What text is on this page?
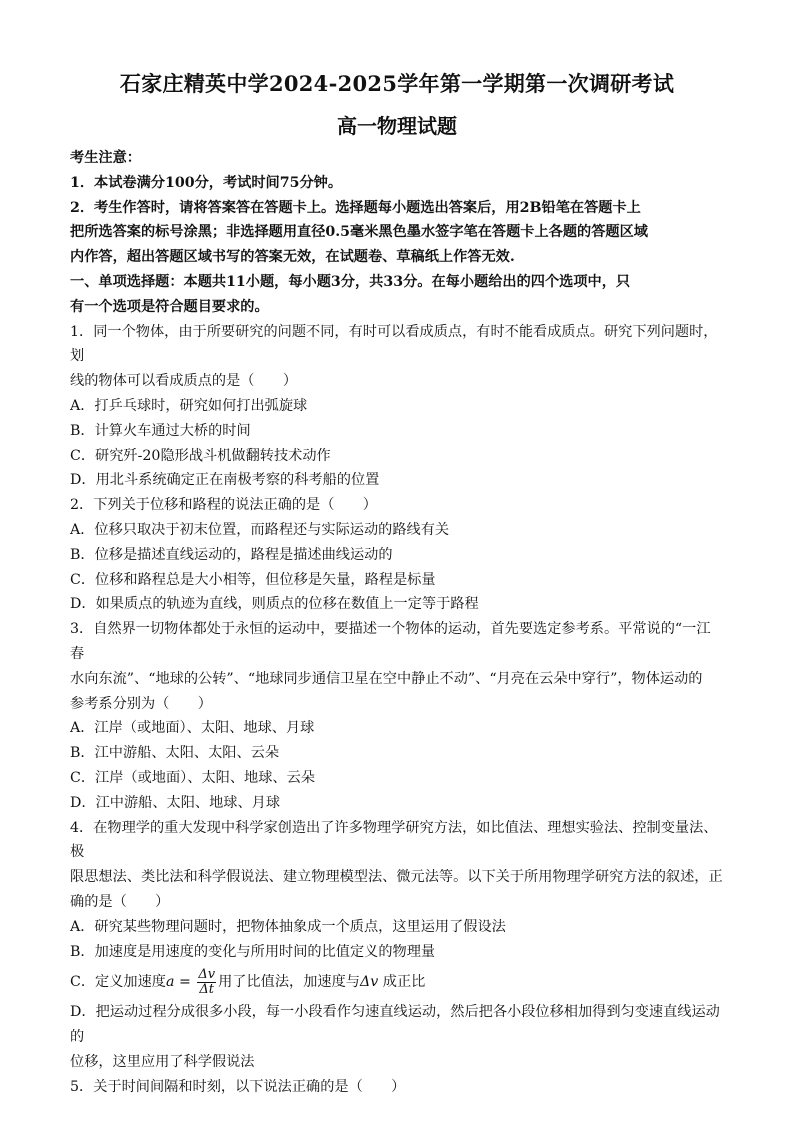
石家庄精英中学2024-2025学年第一学期第一次调研考试

高一物理试题

考生注意：

1．本试卷满分100分，考试时间75分钟。

2．考生作答时，请将答案答在答题卡上。选择题每小题选出答案后，用2B铅笔在答题卡上

把所选答案的标号涂黑；非选择题用直径0.5毫米黑色墨水签字笔在答题卡上各题的答题区域

内作答，超出答题区域书写的答案无效，在试题卷、草稿纸上作答无效.

一、单项选择题：本题共11小题，每小题3分，共33分。在每小题给出的四个选项中，只

有一个选项是符合题目要求的。

1．同一个物体，由于所要研究的问题不同，有时可以看成质点，有时不能看成质点。研究下列问题时，划

线的物体可以看成质点的是（　　）

A．打乒乓球时，研究如何打出弧旋球

B．计算火车通过大桥的时间

C．研究歼-20隐形战斗机做翻转技术动作

D．用北斗系统确定正在南极考察的科考船的位置

2．下列关于位移和路程的说法正确的是（　　）

A．位移只取决于初末位置，而路程还与实际运动的路线有关

B．位移是描述直线运动的，路程是描述曲线运动的

C．位移和路程总是大小相等，但位移是矢量，路程是标量

D．如果质点的轨迹为直线，则质点的位移在数值上一定等于路程

3．自然界一切物体都处于永恒的运动中，要描述一个物体的运动，首先要选定参考系。平常说的“一江春

水向东流”、“地球的公转”、“地球同步通信卫星在空中静止不动”、“月亮在云朵中穿行”，物体运动的

参考系分别为（　　）

A．江岸（或地面）、太阳、地球、月球

B．江中游船、太阳、太阳、云朵

C．江岸（或地面）、太阳、地球、云朵

D．江中游船、太阳、地球、月球

4．在物理学的重大发现中科学家创造出了许多物理学研究方法，如比值法、理想实验法、控制变量法、极

限思想法、类比法和科学假说法、建立物理模型法、微元法等。以下关于所用物理学研究方法的叙述，正

确的是（　　）

A．研究某些物理问题时，把物体抽象成一个质点，这里运用了假设法

B．加速度是用速度的变化与所用时间的比值定义的物理量

C．定义加速度$a = \frac{\Delta v}{\Delta t}$ 用了比值法，加速度与Δv 成正比

D．把运动过程分成很多小段，每一小段看作匀速直线运动，然后把各小段位移相加得到匀变速直线运动的

位移，这里应用了科学假说法

5．关于时间间隔和时刻，以下说法正确的是（　　）
